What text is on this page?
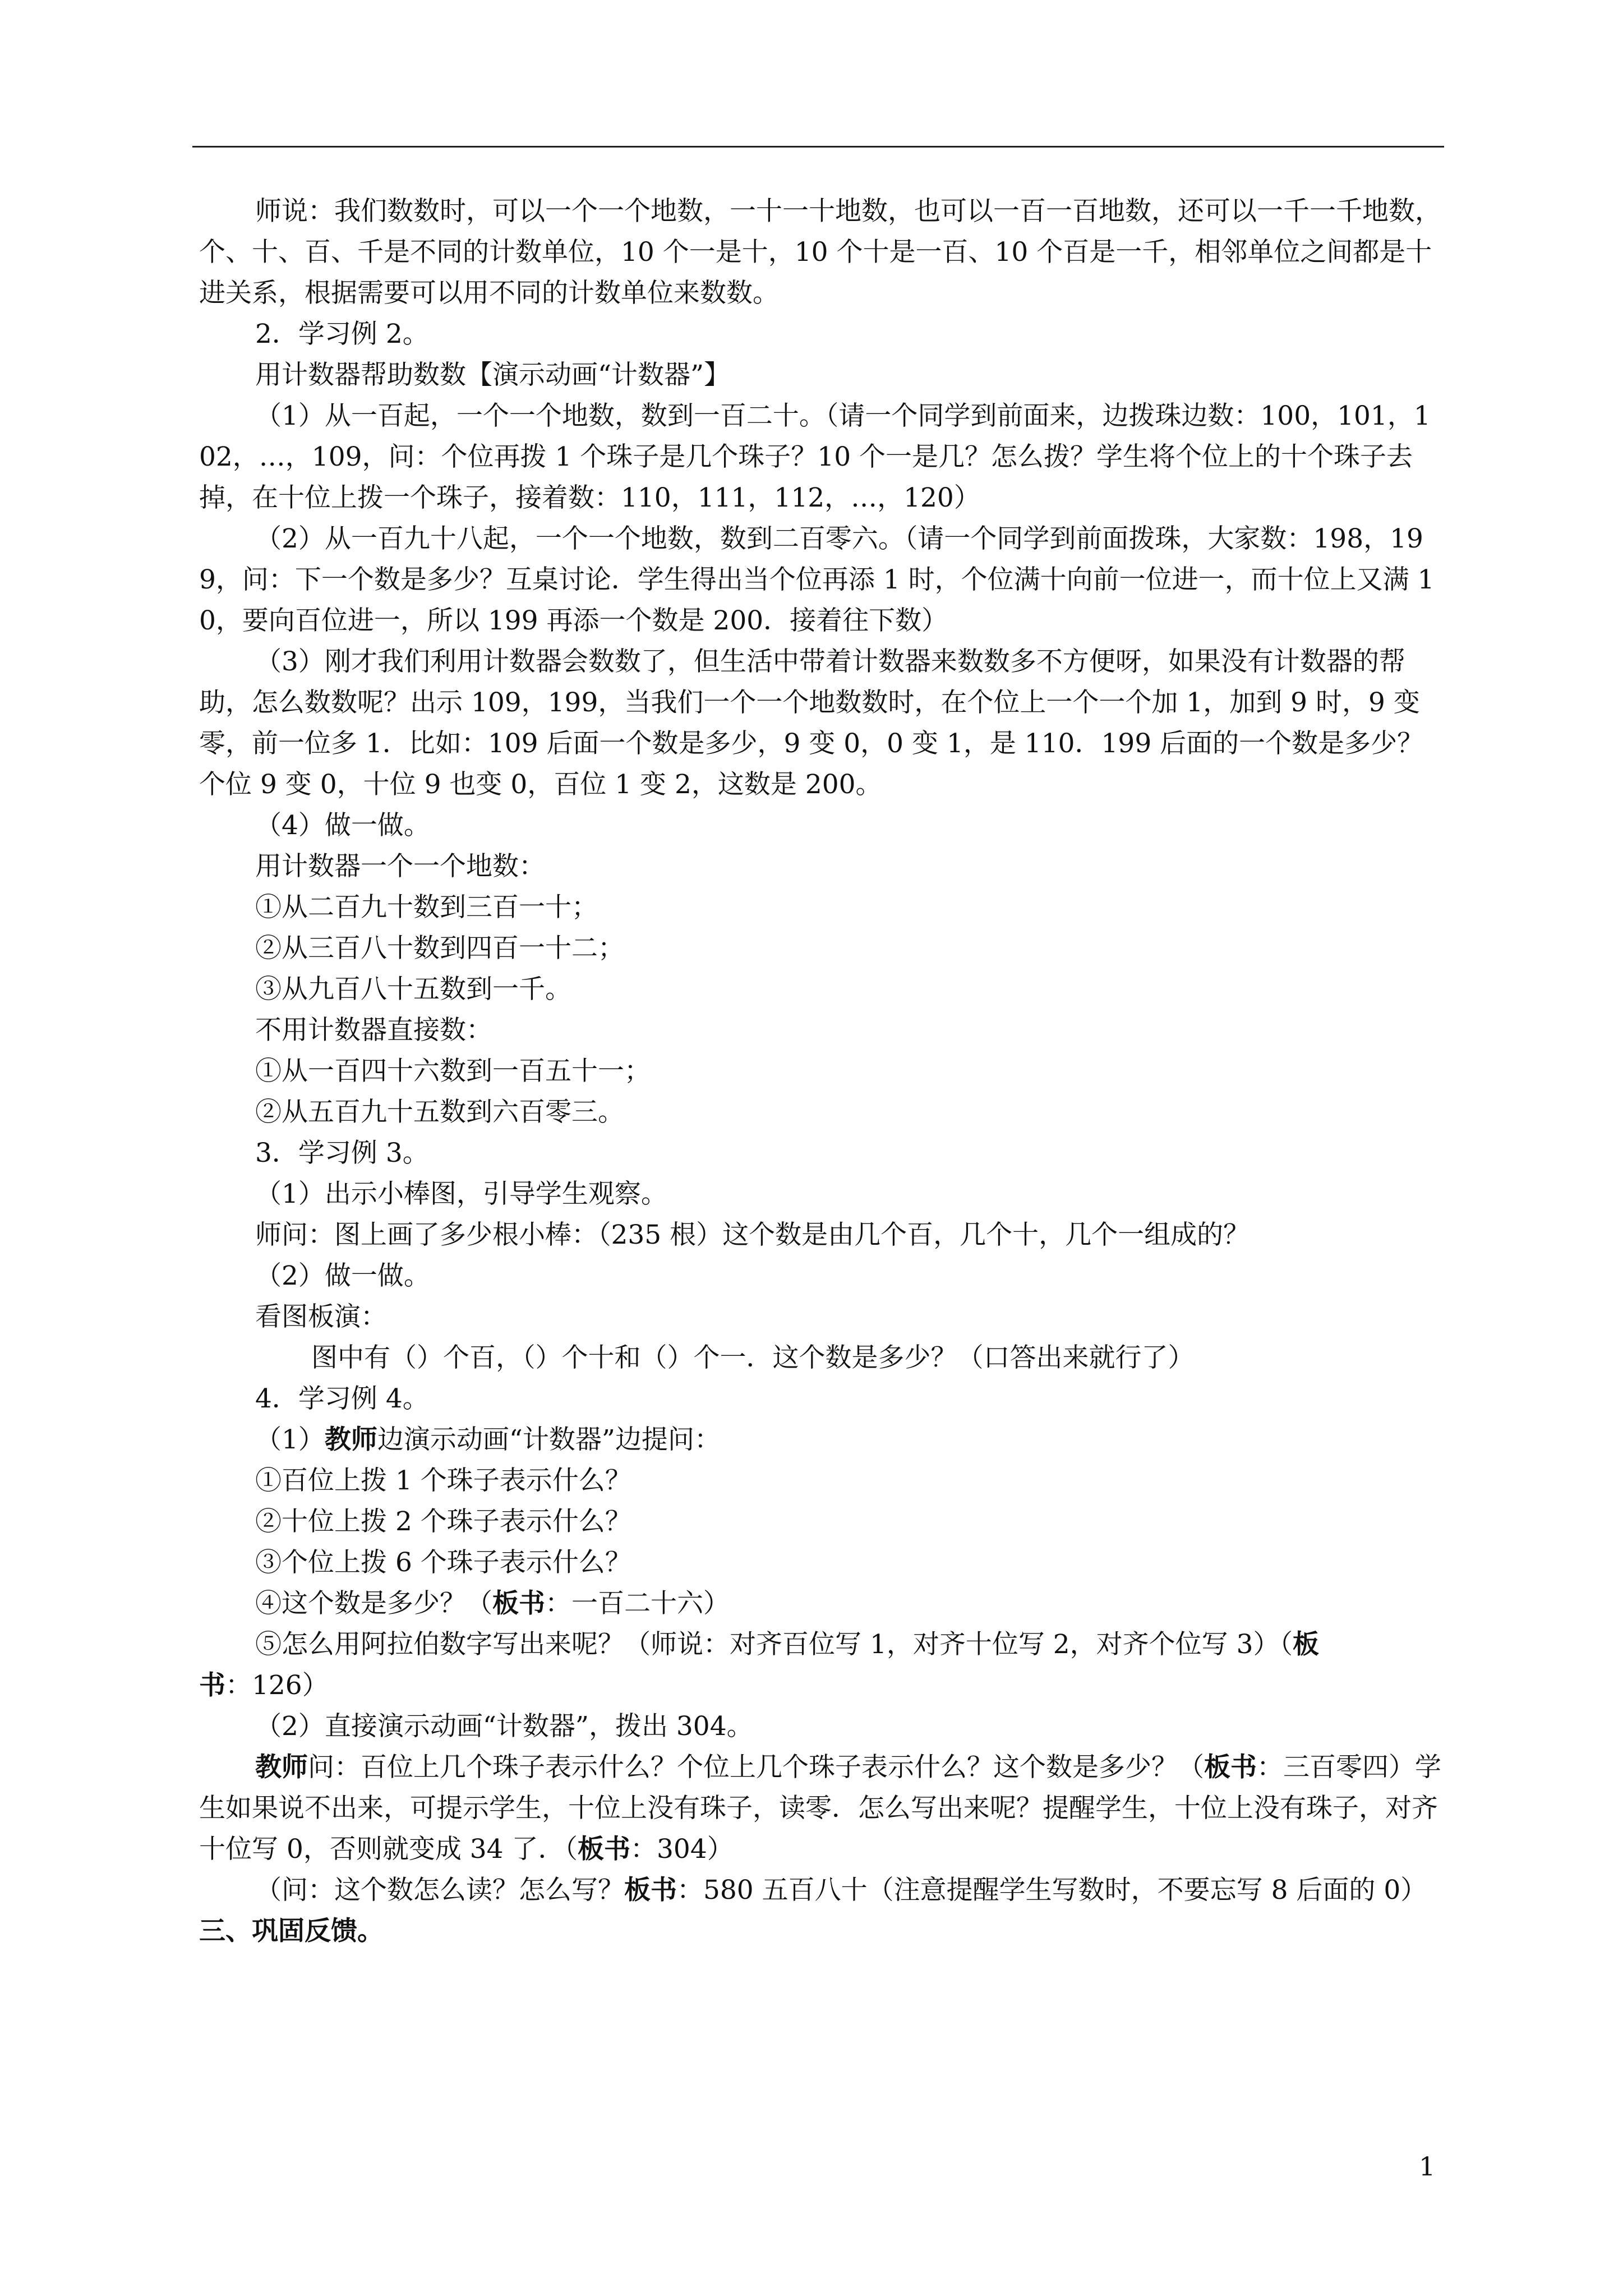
师说：我们数数时，可以一个一个地数，一十一十地数，也可以一百一百地数，还可以一千一千地数，个、十、百、千是不同的计数单位，10 个一是十，10 个十是一百、10 个百是一千，相邻单位之间都是十进关系，根据需要可以用不同的计数单位来数数。

2．学习例 2。

用计数器帮助数数【演示动画“计数器”】

（1）从一百起，一个一个地数，数到一百二十。（请一个同学到前面来，边拨珠边数：100，101，102，…，109，问：个位再拨 1 个珠子是几个珠子？10 个一是几？怎么拨？学生将个位上的十个珠子去掉，在十位上拨一个珠子，接着数：110，111，112，…，120）

（2）从一百九十八起，一个一个地数，数到二百零六。（请一个同学到前面拨珠，大家数：198，199，问：下一个数是多少？互桌讨论．学生得出当个位再添 1 时，个位满十向前一位进一，而十位上又满 10，要向百位进一，所以 199 再添一个数是 200．接着往下数）

（3）刚才我们利用计数器会数数了，但生活中带着计数器来数数多不方便呀，如果没有计数器的帮助，怎么数数呢？出示 109，199，当我们一个一个地数数时，在个位上一个一个加 1，加到 9 时，9 变零，前一位多 1．比如：109 后面一个数是多少，9 变 0，0 变 1，是 110．199 后面的一个数是多少？个位 9 变 0，十位 9 也变 0，百位 1 变 2，这数是 200。

（4）做一做。

用计数器一个一个地数：

①从二百九十数到三百一十；

②从三百八十数到四百一十二；

③从九百八十五数到一千。

不用计数器直接数：

①从一百四十六数到一百五十一；

②从五百九十五数到六百零三。

3．学习例 3。

（1）出示小棒图，引导学生观察。

师问：图上画了多少根小棒：（235 根）这个数是由几个百，几个十，几个一组成的？

（2）做一做。

看图板演：

图中有（）个百，（）个十和（）个一．这个数是多少？（口答出来就行了）

4．学习例 4。

（1）教师边演示动画“计数器”边提问：

①百位上拨 1 个珠子表示什么？

②十位上拨 2 个珠子表示什么？

③个位上拨 6 个珠子表示什么？

④这个数是多少？（板书：一百二十六）

⑤怎么用阿拉伯数字写出来呢？（师说：对齐百位写 1，对齐十位写 2，对齐个位写 3）（板书：126）

（2）直接演示动画“计数器”，拨出 304。

教师问：百位上几个珠子表示什么？个位上几个珠子表示什么？这个数是多少？（板书：三百零四）学生如果说不出来，可提示学生，十位上没有珠子，读零．怎么写出来呢？提醒学生，十位上没有珠子，对齐十位写 0，否则就变成 34 了．（板书：304）

（问：这个数怎么读？怎么写？板书：580 五百八十（注意提醒学生写数时，不要忘写 8 后面的 0）

三、巩固反馈。

1
